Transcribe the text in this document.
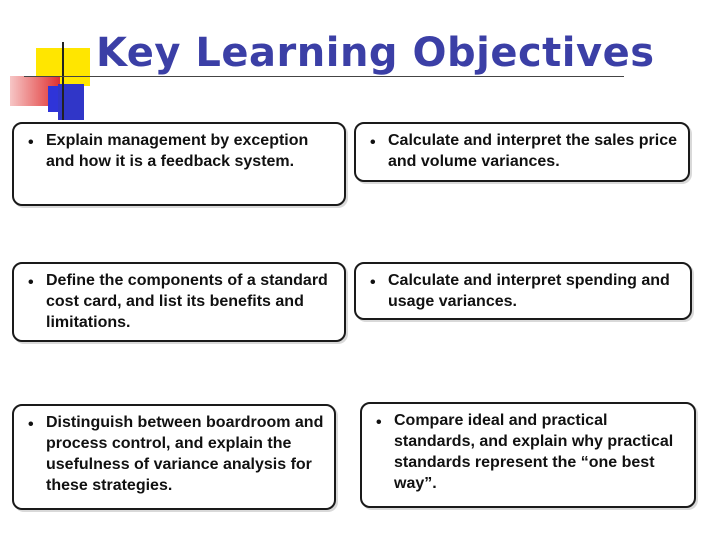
Key Learning Objectives
• Explain management by exception and how it is a feedback system.
• Calculate and interpret the sales price and volume variances.
• Define the components of a standard cost card, and list its benefits and limitations.
• Calculate and interpret spending and usage variances.
• Distinguish between boardroom and process control, and explain the usefulness of variance analysis for these strategies.
• Compare ideal and practical standards, and explain why practical standards represent the “one best way”.
